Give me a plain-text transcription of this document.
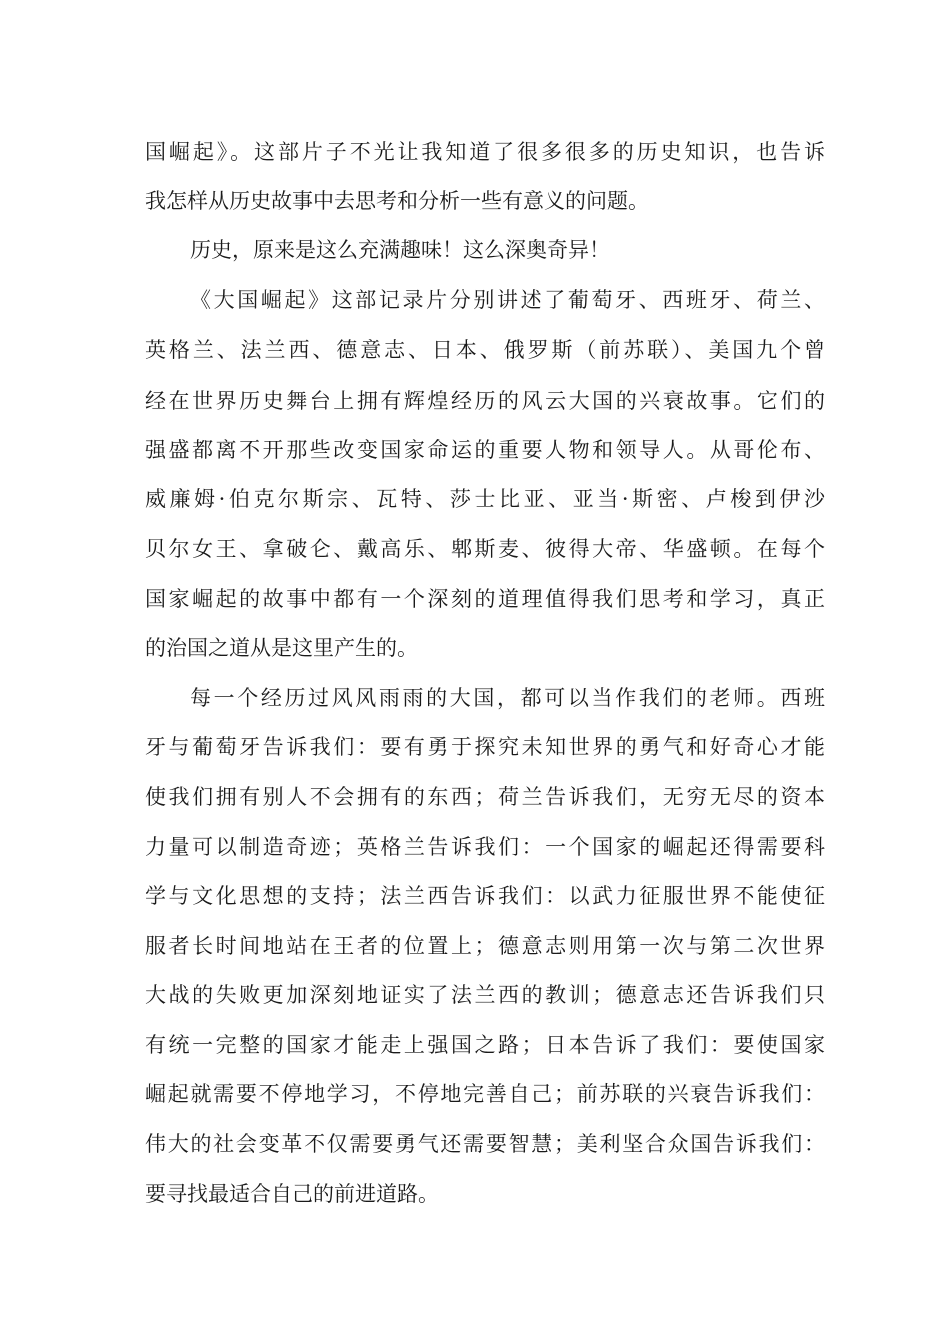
国崛起》。这部片子不光让我知道了很多很多的历史知识，也告诉
我怎样从历史故事中去思考和分析一些有意义的问题。
历史，原来是这么充满趣味！这么深奥奇异！
《大国崛起》这部记录片分别讲述了葡萄牙、西班牙、荷兰、
英格兰、法兰西、德意志、日本、俄罗斯（前苏联）、美国九个曾
经在世界历史舞台上拥有辉煌经历的风云大国的兴衰故事。它们的
强盛都离不开那些改变国家命运的重要人物和领导人。从哥伦布、
威廉姆·伯克尔斯宗、瓦特、莎士比亚、亚当·斯密、卢梭到伊沙
贝尔女王、拿破仑、戴高乐、郫斯麦、彼得大帝、华盛顿。在每个
国家崛起的故事中都有一个深刻的道理值得我们思考和学习，真正
的治国之道从是这里产生的。
每一个经历过风风雨雨的大国，都可以当作我们的老师。西班
牙与葡萄牙告诉我们：要有勇于探究未知世界的勇气和好奇心才能
使我们拥有别人不会拥有的东西；荷兰告诉我们，无穷无尽的资本
力量可以制造奇迹；英格兰告诉我们：一个国家的崛起还得需要科
学与文化思想的支持；法兰西告诉我们：以武力征服世界不能使征
服者长时间地站在王者的位置上；德意志则用第一次与第二次世界
大战的失败更加深刻地证实了法兰西的教训；德意志还告诉我们只
有统一完整的国家才能走上强国之路；日本告诉了我们：要使国家
崛起就需要不停地学习，不停地完善自己；前苏联的兴衰告诉我们：
伟大的社会变革不仅需要勇气还需要智慧；美利坚合众国告诉我们：
要寻找最适合自己的前进道路。
